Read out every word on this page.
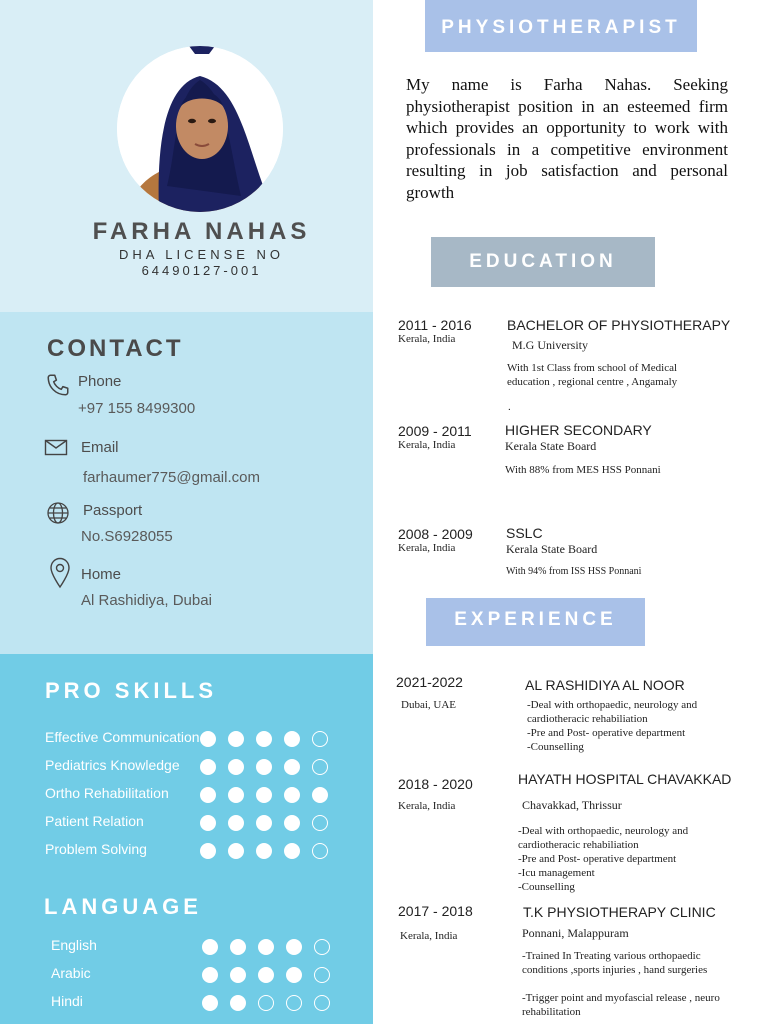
FARHA NAHAS
DHA LICENSE NO
64490127-001
CONTACT
Phone
+97 155 8499300
Email
farhaumer775@gmail.com
Passport
No.S6928055
Home
Al Rashidiya, Dubai
PRO SKILLS
Effective Communication
Pediatrics Knowledge
Ortho Rehabilitation
Patient Relation
Problem Solving
LANGUAGE
English
Arabic
Hindi
PHYSIOTHERAPIST
My name is Farha Nahas. Seeking physiotherapist position in an esteemed firm which provides an opportunity to work with professionals in a competitive environment resulting in job satisfaction and personal growth
EDUCATION
2011 - 2016
Kerala, India
BACHELOR OF PHYSIOTHERAPY
M.G University
With 1st Class from school of Medical education , regional centre , Angamaly
.
2009 - 2011
Kerala, India
HIGHER SECONDARY
Kerala State Board
With 88% from MES HSS Ponnani
2008 - 2009
Kerala, India
SSLC
Kerala State Board
With 94% from ISS HSS Ponnani
EXPERIENCE
2021-2022
Dubai, UAE
AL RASHIDIYA AL NOOR
-Deal with orthopaedic, neurology and cardiotheracic rehabiliation
-Pre and Post- operative department
-Counselling
2018 - 2020
Kerala, India
HAYATH HOSPITAL CHAVAKKAD
Chavakkad, Thrissur
-Deal with orthopaedic, neurology and cardiotheracic rehabiliation
-Pre and Post- operative department
-Icu management
-Counselling
2017 - 2018
Kerala, India
T.K PHYSIOTHERAPY CLINIC
Ponnani, Malappuram
-Trained In Treating various orthopaedic conditions ,sports injuries , hand surgeries
-Trigger point and myofascial release , neuro rehabilitation
